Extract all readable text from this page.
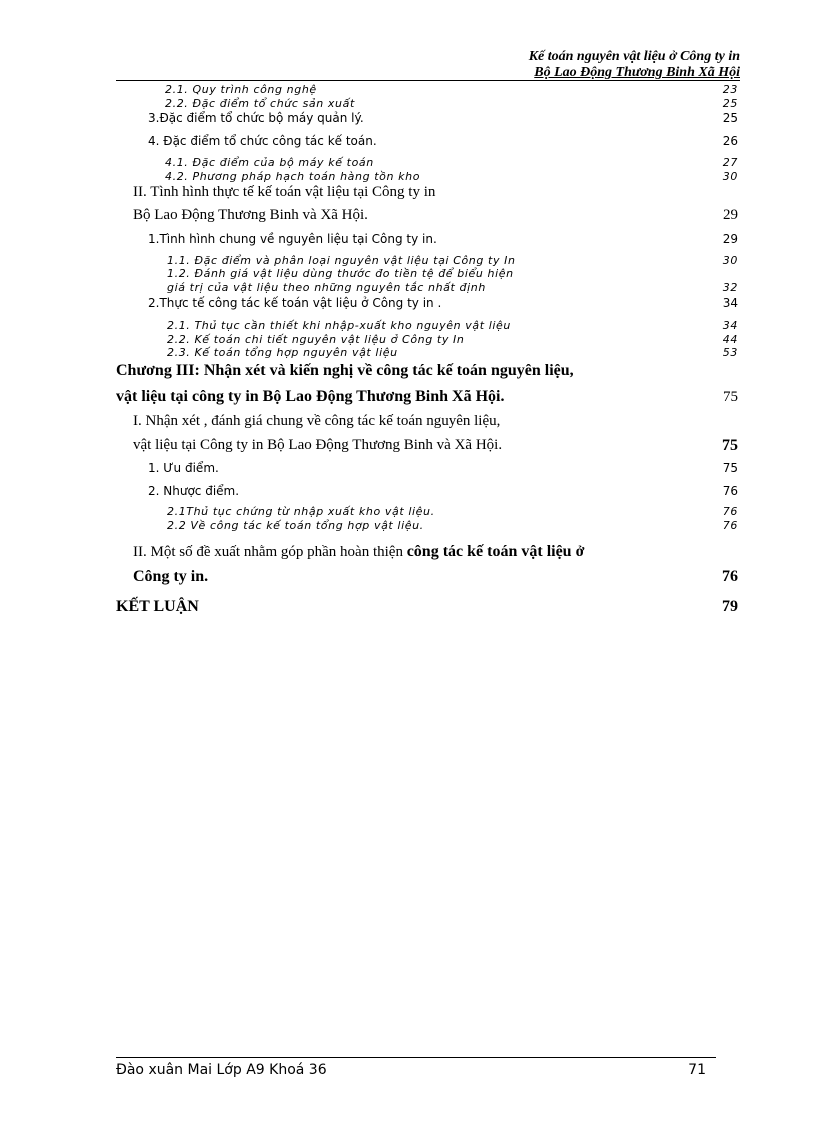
Kế toán nguyên vật liệu ở Công ty in
Bộ Lao Động Thương Binh Xã Hội
2.1. Quy trình công nghệ	23
2.2. Đặc điểm tổ chức sản xuất	25
3.Đặc điểm tổ chức bộ máy quản lý.	25
4. Đặc điểm tổ chức công tác kế toán.	26
4.1. Đặc điểm của bộ máy kế toán	27
4.2. Phương pháp hạch toán hàng tồn kho	30
II. Tình hình thực tế kế toán vật liệu tại Công ty in
Bộ Lao Động Thương Binh và Xã Hội.	29
1.Tình hình chung về nguyên liệu tại Công ty in.	29
1.1. Đặc điểm và phân loại nguyên vật liệu tại Công ty In	30
1.2. Đánh giá vật liệu dùng thước đo tiền tệ để biểu hiện
giá trị của vật liệu theo những nguyên tắc nhất định	32
2.Thực tế công tác kế toán vật liệu ở Công ty in .	34
2.1. Thủ tục cần thiết khi nhập-xuất kho nguyên vật liệu	34
2.2. Kế toán chi tiết nguyên vật liệu ở Công ty In	44
2.3. Kế toán tổng hợp nguyên vật liệu	53
Chương III: Nhận xét và kiến nghị về công tác kế toán nguyên liệu,
vật liệu tại công ty in Bộ Lao Động Thương Binh Xã Hội.	75
I. Nhận xét , đánh giá chung về công tác kế toán nguyên liệu,
vật liệu tại Công ty in Bộ Lao Động Thương Binh và Xã Hội.	75
1. Ưu điểm.	75
2. Nhược điểm.	76
2.1Thủ tục chứng từ nhập xuất kho vật liệu.	76
2.2 Về công tác kế toán tổng hợp vật liệu.	76
II. Một số đề xuất nhằm góp phần hoàn thiện công tác kế toán vật liệu ở
Công ty in.	76
KẾT LUẬN	79
Đào xuân Mai Lớp A9 Khoá 36	71
